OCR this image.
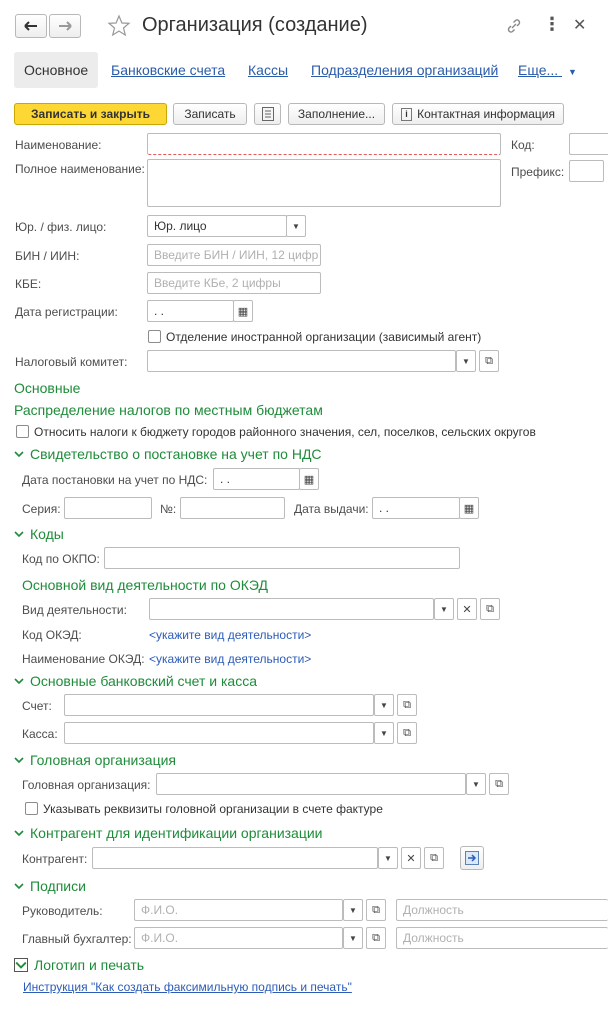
Организация (создание)	⋮ ✕
Основное Банковские счета Кассы Подразделения организаций Еще... ▼
Записать и закрыть	Записать	Заполнение...	i Контактная информация
Наименование:	Код:
Полное наименование:	Префикс:
Юр. / физ. лицо:	Юр. лицо	▼
БИН / ИИН:	Введите БИН / ИИН, 12 цифр
КБЕ:	Введите КБе, 2 цифры
Дата регистрации:	. .	▦
Отделение иностранной организации (зависимый агент)
Налоговый комитет:	▼ ⧉
Основные
Распределение налогов по местным бюджетам
Относить налоги к бюджету городов районного значения, сел, поселков, сельских округов
Свидетельство о постановке на учет по НДС
Дата постановки на учет по НДС:	. .	▦
Серия:	№:	Дата выдачи: . .	▦
Коды
Код по ОКПО:
Основной вид деятельности по ОКЭД
Вид деятельности:	▼ ✕ ⧉
Код ОКЭД:	<укажите вид деятельности>
Наименование ОКЭД: <укажите вид деятельности>
Основные банковский счет и касса
Счет:	▼ ⧉
Касса:	▼ ⧉
Головная организация
Головная организация:	▼ ⧉
Указывать реквизиты головной организации в счете фактуре
Контрагент для идентификации организации
Контрагент:	▼ ✕ ⧉
Подписи
Руководитель:	Ф.И.О.	▼ ⧉	Должность
Главный бухгалтер: Ф.И.О.	▼ ⧉	Должность
Логотип и печать
Инструкция "Как создать факсимильную подпись и печать"
